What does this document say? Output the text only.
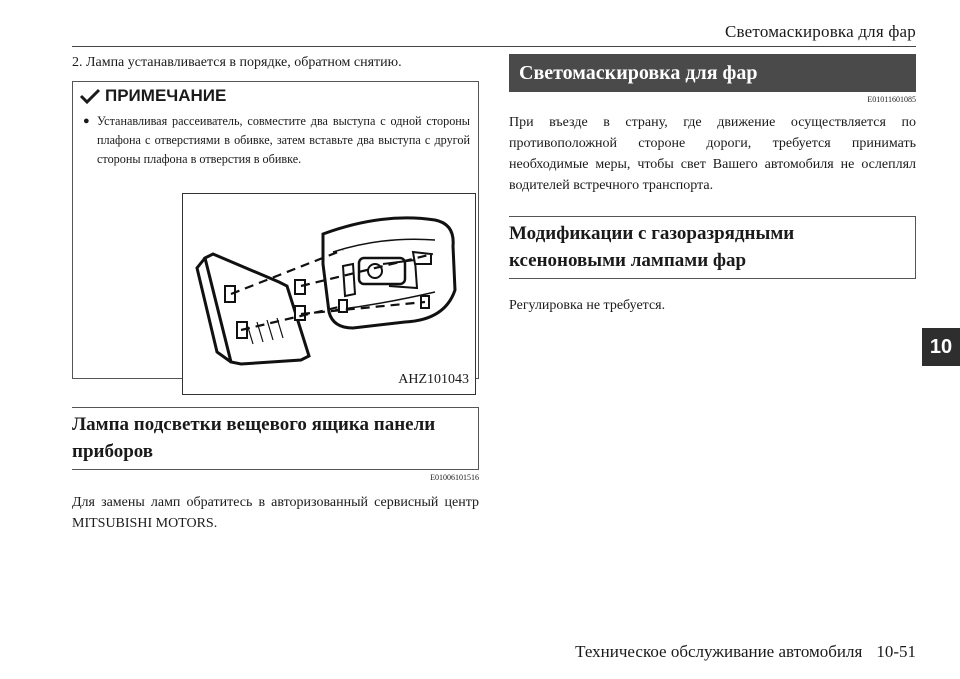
Светомаскировка для фар

2. Лампа устанавливается в порядке, обратном снятию.

ПРИМЕЧАНИЕ
● Устанавливая рассеиватель, совместите два выступа с одной стороны плафона с отверстиями в обивке, затем вставьте два выступа с другой стороны плафона в отверстия в обивке.
AHZ101043
Лампа подсветки вещевого ящика панели приборов
E01006101516

Для замены ламп обратитесь в авторизованный сервисный центр MITSUBISHI MOTORS.

Светомаскировка для фар
E01011601085

При въезде в страну, где движение осуществляется по противоположной стороне дороги, требуется принимать необходимые меры, чтобы свет Вашего автомобиля не ослеплял водителей встречного транспорта.

Модификации с газоразрядными ксеноновыми лампами фар

Регулировка не требуется.

10
Техническое обслуживание автомобиля 10-51
